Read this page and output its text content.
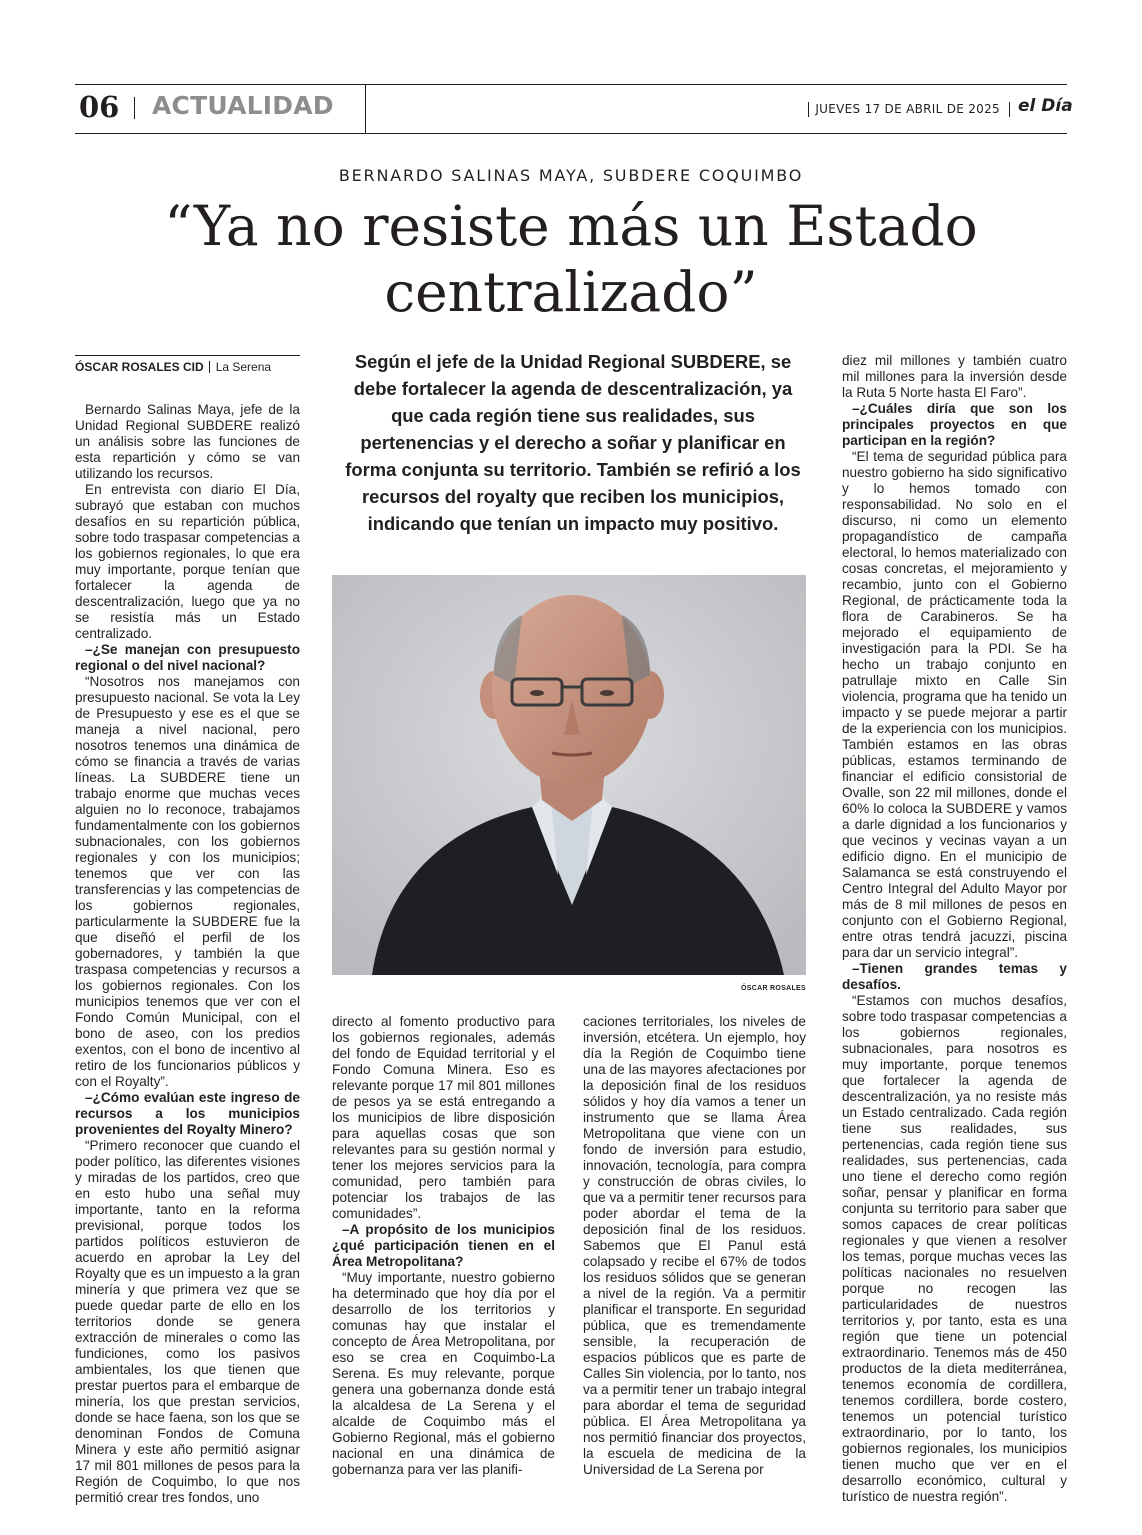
06 ACTUALIDAD	JUEVES 17 DE ABRIL DE 2025 el Día
BERNARDO SALINAS MAYA, SUBDERE COQUIMBO
“Ya no resiste más un Estado
centralizado”
ÓSCAR ROSALES CID La Serena	Según el jefe de la Unidad Regional SUBDERE, se debe fortalecer la agenda de descentralización, ya que cada región tiene sus realidades, sus pertenencias y el derecho a soñar y planificar en forma conjunta su territorio. También se refirió a los recursos del royalty que reciben los municipios, indicando que tenían un impacto muy positivo.
ÓSCAR ROSALES

Bernardo Salinas Maya, jefe de la Unidad Regional SUBDERE realizó un análisis sobre las funciones de esta repartición y cómo se van utilizando los recursos.

En entrevista con diario El Día, subrayó que estaban con muchos desafíos en su repartición pública, sobre todo traspasar competencias a los gobiernos regionales, lo que era muy importante, porque tenían que fortalecer la agenda de descentralización, luego que ya no se resistía más un Estado centralizado.

–¿Se manejan con presupuesto regional o del nivel nacional?

“Nosotros nos manejamos con presupuesto nacional. Se vota la Ley de Presupuesto y ese es el que se maneja a nivel nacional, pero nosotros tenemos una dinámica de cómo se financia a través de varias líneas. La SUBDERE tiene un trabajo enorme que muchas veces alguien no lo reconoce, trabajamos fundamentalmente con los gobiernos subnacionales, con los gobiernos regionales y con los municipios; tenemos que ver con las transferencias y las competencias de los gobiernos regionales, particularmente la SUBDERE fue la que diseñó el perfil de los gobernadores, y también la que traspasa competencias y recursos a los gobiernos regionales. Con los municipios tenemos que ver con el Fondo Común Municipal, con el bono de aseo, con los predios exentos, con el bono de incentivo al retiro de los funcionarios públicos y con el Royalty”.

–¿Cómo evalúan este ingreso de recursos a los municipios provenientes del Royalty Minero?

“Primero reconocer que cuando el poder político, las diferentes visiones y miradas de los partidos, creo que en esto hubo una señal muy importante, tanto en la reforma previsional, porque todos los partidos políticos estuvieron de acuerdo en aprobar la Ley del Royalty que es un impuesto a la gran minería y que primera vez que se puede quedar parte de ello en los territorios donde se genera extracción de minerales o como las fundiciones, como los pasivos ambientales, los que tienen que prestar puertos para el embarque de minería, los que prestan servicios, donde se hace faena, son los que se denominan Fondos de Comuna Minera y este año permitió asignar 17 mil 801 millones de pesos para la Región de Coquimbo, lo que nos permitió crear tres fondos, uno

directo al fomento productivo para los gobiernos regionales, además del fondo de Equidad territorial y el Fondo Comuna Minera. Eso es relevante porque 17 mil 801 millones de pesos ya se está entregando a los municipios de libre disposición para aquellas cosas que son relevantes para su gestión normal y tener los mejores servicios para la comunidad, pero también para potenciar los trabajos de las comunidades”.

–A propósito de los municipios ¿qué participación tienen en el Área Metropolitana?

“Muy importante, nuestro gobierno ha determinado que hoy día por el desarrollo de los territorios y comunas hay que instalar el concepto de Área Metropolitana, por eso se crea en Coquimbo-La Serena. Es muy relevante, porque genera una gobernanza donde está la alcaldesa de La Serena y el alcalde de Coquimbo más el Gobierno Regional, más el gobierno nacional en una dinámica de gobernanza para ver las planifi-

caciones territoriales, los niveles de inversión, etcétera. Un ejemplo, hoy día la Región de Coquimbo tiene una de las mayores afectaciones por la deposición final de los residuos sólidos y hoy día vamos a tener un instrumento que se llama Área Metropolitana que viene con un fondo de inversión para estudio, innovación, tecnología, para compra y construcción de obras civiles, lo que va a permitir tener recursos para poder abordar el tema de la deposición final de los residuos. Sabemos que El Panul está colapsado y recibe el 67% de todos los residuos sólidos que se generan a nivel de la región. Va a permitir planificar el transporte. En seguridad pública, que es tremendamente sensible, la recuperación de espacios públicos que es parte de Calles Sin violencia, por lo tanto, nos va a permitir tener un trabajo integral para abordar el tema de seguridad pública. El Área Metropolitana ya nos permitió financiar dos proyectos, la escuela de medicina de la Universidad de La Serena por

diez mil millones y también cuatro mil millones para la inversión desde la Ruta 5 Norte hasta El Faro”.

–¿Cuáles diría que son los principales proyectos en que participan en la región?

“El tema de seguridad pública para nuestro gobierno ha sido significativo y lo hemos tomado con responsabilidad. No solo en el discurso, ni como un elemento propagandístico de campaña electoral, lo hemos materializado con cosas concretas, el mejoramiento y recambio, junto con el Gobierno Regional, de prácticamente toda la flora de Carabineros. Se ha mejorado el equipamiento de investigación para la PDI. Se ha hecho un trabajo conjunto en patrullaje mixto en Calle Sin violencia, programa que ha tenido un impacto y se puede mejorar a partir de la experiencia con los municipios. También estamos en las obras públicas, estamos terminando de financiar el edificio consistorial de Ovalle, son 22 mil millones, donde el 60% lo coloca la SUBDERE y vamos a darle dignidad a los funcionarios y que vecinos y vecinas vayan a un edificio digno. En el municipio de Salamanca se está construyendo el Centro Integral del Adulto Mayor por más de 8 mil millones de pesos en conjunto con el Gobierno Regional, entre otras tendrá jacuzzi, piscina para dar un servicio integral”.

–Tienen grandes temas y desafíos.

“Estamos con muchos desafíos, sobre todo traspasar competencias a los gobiernos regionales, subnacionales, para nosotros es muy importante, porque tenemos que fortalecer la agenda de descentralización, ya no resiste más un Estado centralizado. Cada región tiene sus realidades, sus pertenencias, cada región tiene sus realidades, sus pertenencias, cada uno tiene el derecho como región soñar, pensar y planificar en forma conjunta su territorio para saber que somos capaces de crear políticas regionales y que vienen a resolver los temas, porque muchas veces las políticas nacionales no resuelven porque no recogen las particularidades de nuestros territorios y, por tanto, esta es una región que tiene un potencial extraordinario. Tenemos más de 450 productos de la dieta mediterránea, tenemos economía de cordillera, tenemos cordillera, borde costero, tenemos un potencial turístico extraordinario, por lo tanto, los gobiernos regionales, los municipios tienen mucho que ver en el desarrollo económico, cultural y turístico de nuestra región”.
